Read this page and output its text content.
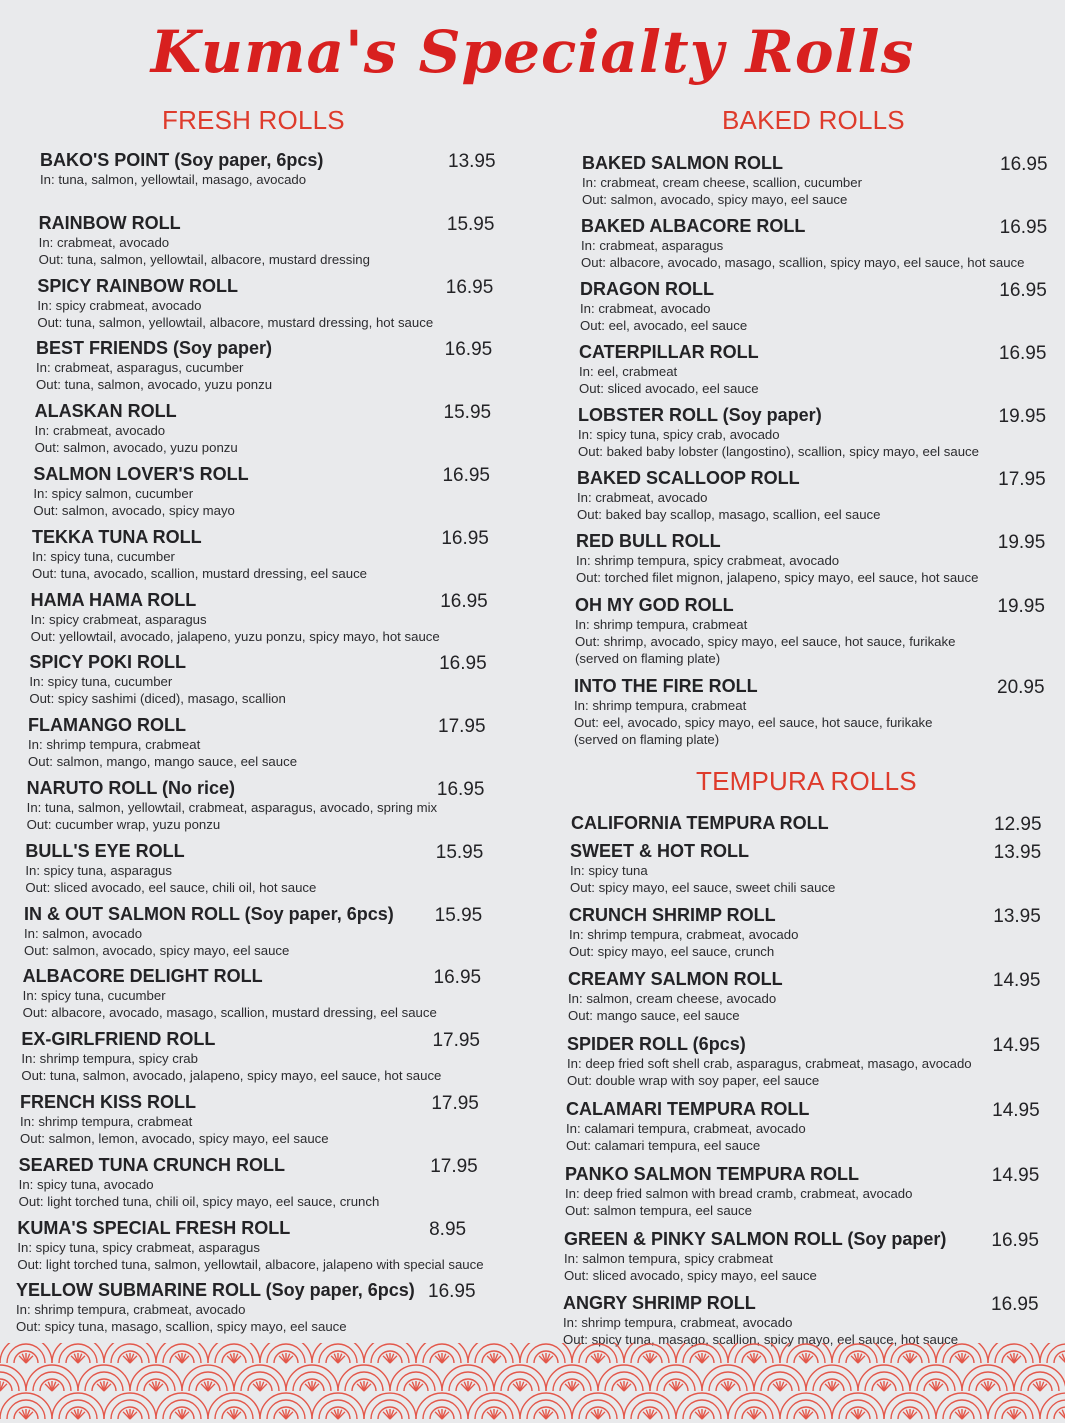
Kuma's Specialty Rolls
FRESH ROLLS	BAKED ROLLS
TEMPURA ROLLS
BAKO'S POINT (Soy paper, 6pcs)
In: tuna, salmon, yellowtail, masago, avocado
13.95
RAINBOW ROLL
In: crabmeat, avocado
Out: tuna, salmon, yellowtail, albacore, mustard dressing
15.95
SPICY RAINBOW ROLL
In: spicy crabmeat, avocado
Out: tuna, salmon, yellowtail, albacore, mustard dressing, hot sauce
16.95
BEST FRIENDS (Soy paper)
In: crabmeat, asparagus, cucumber
Out: tuna, salmon, avocado, yuzu ponzu
16.95
ALASKAN ROLL
In: crabmeat, avocado
Out: salmon, avocado, yuzu ponzu
15.95
SALMON LOVER'S ROLL
In: spicy salmon, cucumber
Out: salmon, avocado, spicy mayo
16.95
TEKKA TUNA ROLL
In: spicy tuna, cucumber
Out: tuna, avocado, scallion, mustard dressing, eel sauce
16.95
HAMA HAMA ROLL
In: spicy crabmeat, asparagus
Out: yellowtail, avocado, jalapeno, yuzu ponzu, spicy mayo, hot sauce
16.95
SPICY POKI ROLL
In: spicy tuna, cucumber
Out: spicy sashimi (diced), masago, scallion
16.95
FLAMANGO ROLL
In: shrimp tempura, crabmeat
Out: salmon, mango, mango sauce, eel sauce
17.95
NARUTO ROLL (No rice)
In: tuna, salmon, yellowtail, crabmeat, asparagus, avocado, spring mix
Out: cucumber wrap, yuzu ponzu
16.95
BULL'S EYE ROLL
In: spicy tuna, asparagus
Out: sliced avocado, eel sauce, chili oil, hot sauce
15.95
IN & OUT SALMON ROLL (Soy paper, 6pcs)
In: salmon, avocado
Out: salmon, avocado, spicy mayo, eel sauce
15.95
ALBACORE DELIGHT ROLL
In: spicy tuna, cucumber
Out: albacore, avocado, masago, scallion, mustard dressing, eel sauce
16.95
EX-GIRLFRIEND ROLL
In: shrimp tempura, spicy crab
Out: tuna, salmon, avocado, jalapeno, spicy mayo, eel sauce, hot sauce
17.95
FRENCH KISS ROLL
In: shrimp tempura, crabmeat
Out: salmon, lemon, avocado, spicy mayo, eel sauce
17.95
SEARED TUNA CRUNCH ROLL
In: spicy tuna, avocado
Out: light torched tuna, chili oil, spicy mayo, eel sauce, crunch
17.95
KUMA'S SPECIAL FRESH ROLL
In: spicy tuna, spicy crabmeat, asparagus
Out: light torched tuna, salmon, yellowtail, albacore, jalapeno with special sauce
8.95
YELLOW SUBMARINE ROLL (Soy paper, 6pcs)
In: shrimp tempura, crabmeat, avocado
Out: spicy tuna, masago, scallion, spicy mayo, eel sauce
16.95
BAKED SALMON ROLL
In: crabmeat, cream cheese, scallion, cucumber
Out: salmon, avocado, spicy mayo, eel sauce
16.95
BAKED ALBACORE ROLL
In: crabmeat, asparagus
Out: albacore, avocado, masago, scallion, spicy mayo, eel sauce, hot sauce
16.95
DRAGON ROLL
In: crabmeat, avocado
Out: eel, avocado, eel sauce
16.95
CATERPILLAR ROLL
In: eel, crabmeat
Out: sliced avocado, eel sauce
16.95
LOBSTER ROLL (Soy paper)
In: spicy tuna, spicy crab, avocado
Out: baked baby lobster (langostino), scallion, spicy mayo, eel sauce
19.95
BAKED SCALLOOP ROLL
In: crabmeat, avocado
Out: baked bay scallop, masago, scallion, eel sauce
17.95
RED BULL ROLL
In: shrimp tempura, spicy crabmeat, avocado
Out: torched filet mignon, jalapeno, spicy mayo, eel sauce, hot sauce
19.95
OH MY GOD ROLL
In: shrimp tempura, crabmeat
Out: shrimp, avocado, spicy mayo, eel sauce, hot sauce, furikake
(served on flaming plate)
19.95
INTO THE FIRE ROLL
In: shrimp tempura, crabmeat
Out: eel, avocado, spicy mayo, eel sauce, hot sauce, furikake
(served on flaming plate)
20.95
CALIFORNIA TEMPURA ROLL	12.95
SWEET & HOT ROLL
In: spicy tuna
Out: spicy mayo, eel sauce, sweet chili sauce
13.95
CRUNCH SHRIMP ROLL
In: shrimp tempura, crabmeat, avocado
Out: spicy mayo, eel sauce, crunch
13.95
CREAMY SALMON ROLL
In: salmon, cream cheese, avocado
Out: mango sauce, eel sauce
14.95
SPIDER ROLL (6pcs)
In: deep fried soft shell crab, asparagus, crabmeat, masago, avocado
Out: double wrap with soy paper, eel sauce
14.95
CALAMARI TEMPURA ROLL
In: calamari tempura, crabmeat, avocado
Out: calamari tempura, eel sauce
14.95
PANKO SALMON TEMPURA ROLL
In: deep fried salmon with bread cramb, crabmeat, avocado
Out: salmon tempura, eel sauce
14.95
GREEN & PINKY SALMON ROLL (Soy paper)
In: salmon tempura, spicy crabmeat
Out: sliced avocado, spicy mayo, eel sauce
16.95
ANGRY SHRIMP ROLL
In: shrimp tempura, crabmeat, avocado
Out: spicy tuna, masago, scallion, spicy mayo, eel sauce, hot sauce
16.95
